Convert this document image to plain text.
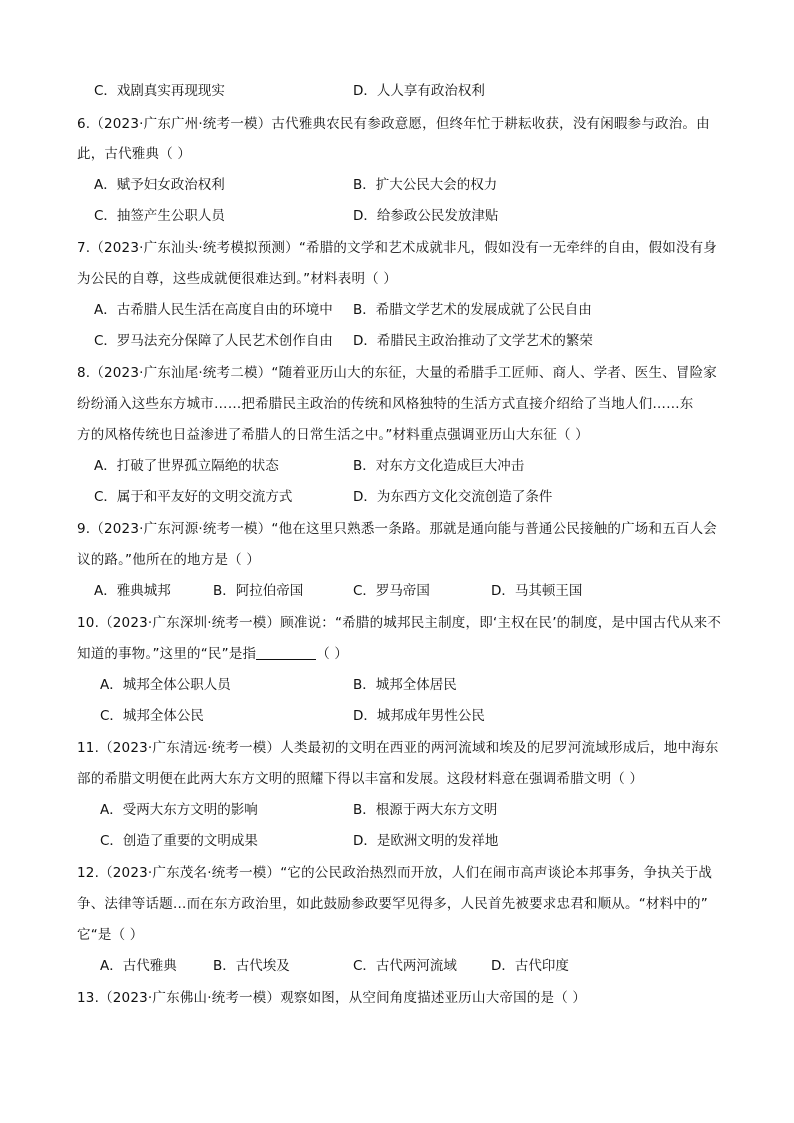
C．戏剧真实再现现实	D．人人享有政治权利
6.（2023·广东广州·统考一模）古代雅典农民有参政意愿，但终年忙于耕耘收获，没有闲暇参与政治。由
此，古代雅典（ ）
A．赋予妇女政治权利	B．扩大公民大会的权力
C．抽签产生公职人员	D．给参政公民发放津贴
7.（2023·广东汕头·统考模拟预测）“希腊的文学和艺术成就非凡，假如没有一无牵绊的自由，假如没有身
为公民的自尊，这些成就便很难达到。”材料表明（ ）
A．古希腊人民生活在高度自由的环境中 B．希腊文学艺术的发展成就了公民自由
C．罗马法充分保障了人民艺术创作自由 D．希腊民主政治推动了文学艺术的繁荣
8.（2023·广东汕尾·统考二模）“随着亚历山大的东征，大量的希腊手工匠师、商人、学者、医生、冒险家
纷纷涌入这些东方城市……把希腊民主政治的传统和风格独特的生活方式直接介绍给了当地人们……东
方的风格传统也日益渗进了希腊人的日常生活之中。”材料重点强调亚历山大东征（ ）
A．打破了世界孤立隔绝的状态	B．对东方文化造成巨大冲击
C．属于和平友好的文明交流方式	D．为东西方文化交流创造了条件
9.（2023·广东河源·统考一模）“他在这里只熟悉一条路。那就是通向能与普通公民接触的广场和五百人会
议的路。”他所在的地方是（ ）
A．雅典城邦	B．阿拉伯帝国	C．罗马帝国	D．马其顿王国
10.（2023·广东深圳·统考一模）顾准说：“希腊的城邦民主制度，即‘主权在民’的制度，是中国古代从来不
知道的事物。”这里的“民”是指	（ ）
A．城邦全体公职人员	B．城邦全体居民
C．城邦全体公民	D．城邦成年男性公民
11.（2023·广东清远·统考一模）人类最初的文明在西亚的两河流域和埃及的尼罗河流域形成后，地中海东
部的希腊文明便在此两大东方文明的照耀下得以丰富和发展。这段材料意在强调希腊文明（ ）
A．受两大东方文明的影响	B．根源于两大东方文明
C．创造了重要的文明成果	D．是欧洲文明的发祥地
12.（2023·广东茂名·统考一模）“它的公民政治热烈而开放，人们在闹市高声谈论本邦事务，争执关于战
争、法律等话题…而在东方政治里，如此鼓励参政要罕见得多，人民首先被要求忠君和顺从。“材料中的”
它“是（ ）
A．古代雅典	B．古代埃及	C．古代两河流域	D．古代印度
13.（2023·广东佛山·统考一模）观察如图，从空间角度描述亚历山大帝国的是（ ）
